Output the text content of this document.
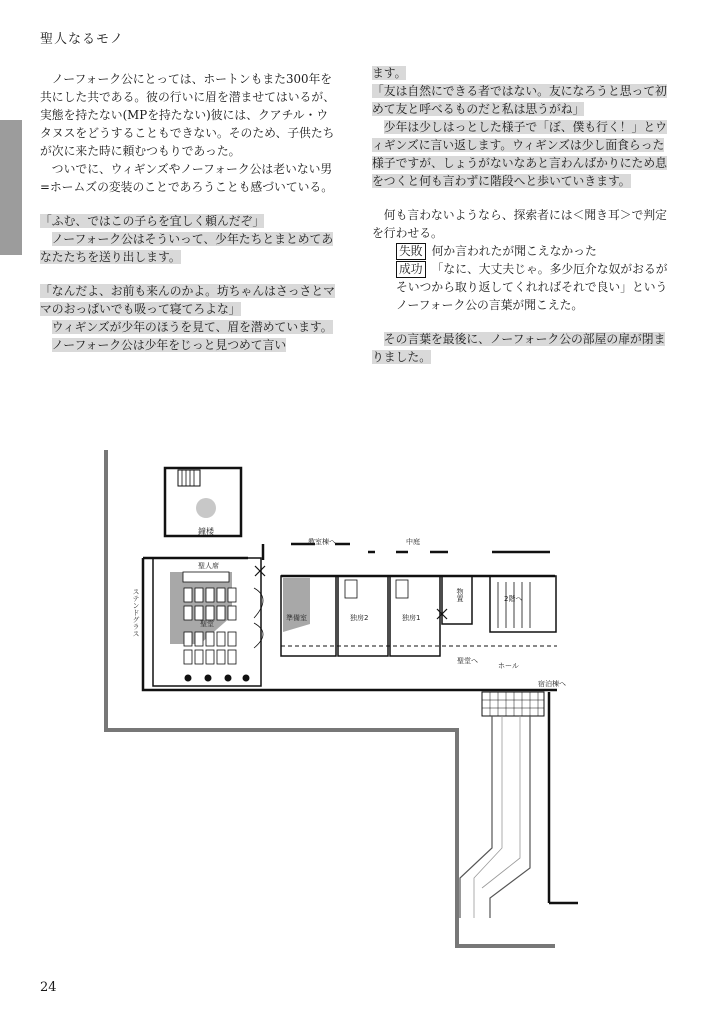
聖人なるモノ

ノーフォーク公にとっては、ホートンもまた300年を共にした共である。彼の行いに眉を潜ませてはいるが、実態を持たない(MPを持たない)彼には、クアチル・ウタヌスをどうすることもできない。そのため、子供たちが次に来た時に頼むつもりであった。

ついでに、ウィギンズやノーフォーク公は老いない男=ホームズの変装のことであろうことも感づいている。

「ふむ、ではこの子らを宜しく頼んだぞ」

ノーフォーク公はそういって、少年たちとまとめてあなたたちを送り出します。

「なんだよ、お前も来んのかよ。坊ちゃんはさっさとママのおっぱいでも吸って寝てろよな」

ウィギンズが少年のほうを見て、眉を潜めています。

ノーフォーク公は少年をじっと見つめて言い

ます。

「友は自然にできる者ではない。友になろうと思って初めて友と呼べるものだと私は思うがね」

少年は少しはっとした様子で「ぼ、僕も行く！」とウィギンズに言い返します。ウィギンズは少し面食らった様子ですが、しょうがないなあと言わんばかりにため息をつくと何も言わずに階段へと歩いていきます。

何も言わないようなら、探索者には＜聞き耳＞で判定を行わせる。

失敗 何か言われたが聞こえなかった

成功 「なに、大丈夫じゃ。多少厄介な奴がおるがそいつから取り返してくれればそれで良い」というノーフォーク公の言葉が聞こえた。

その言葉を最後に、ノーフォーク公の部屋の扉が閉まりました。

鐘楼
聖人席
聖堂
ステンドグラス	準備室	独房2	独房1
物置	2階へ
聖堂へ
ホール
宿泊棟へ
教室棟へ	中庭
24
